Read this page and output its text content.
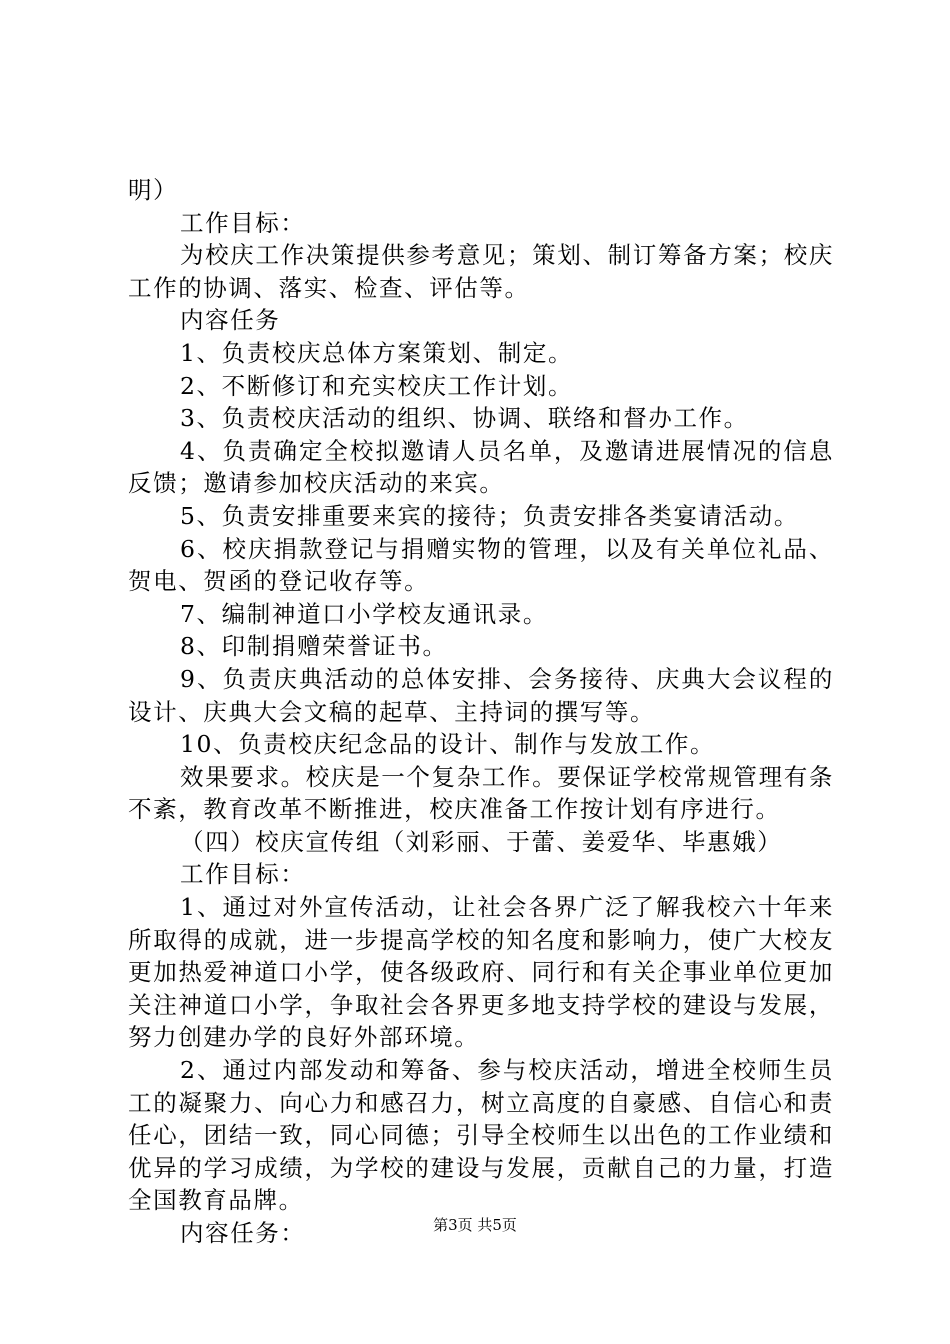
明）

工作目标：

为校庆工作决策提供参考意见；策划、制订筹备方案；校庆工作的协调、落实、检查、评估等。

内容任务

1、负责校庆总体方案策划、制定。

2、不断修订和充实校庆工作计划。

3、负责校庆活动的组织、协调、联络和督办工作。

4、负责确定全校拟邀请人员名单，及邀请进展情况的信息反馈；邀请参加校庆活动的来宾。

5、负责安排重要来宾的接待；负责安排各类宴请活动。

6、校庆捐款登记与捐赠实物的管理，以及有关单位礼品、贺电、贺函的登记收存等。

7、编制神道口小学校友通讯录。

8、印制捐赠荣誉证书。

9、负责庆典活动的总体安排、会务接待、庆典大会议程的设计、庆典大会文稿的起草、主持词的撰写等。

10、负责校庆纪念品的设计、制作与发放工作。

效果要求。校庆是一个复杂工作。要保证学校常规管理有条不紊，教育改革不断推进，校庆准备工作按计划有序进行。

（四）校庆宣传组（刘彩丽、于蕾、姜爱华、毕惠娥）

工作目标：

1、通过对外宣传活动，让社会各界广泛了解我校六十年来所取得的成就，进一步提高学校的知名度和影响力，使广大校友更加热爱神道口小学，使各级政府、同行和有关企事业单位更加关注神道口小学，争取社会各界更多地支持学校的建设与发展，努力创建办学的良好外部环境。

2、通过内部发动和筹备、参与校庆活动，增进全校师生员工的凝聚力、向心力和感召力，树立高度的自豪感、自信心和责任心，团结一致，同心同德；引导全校师生以出色的工作业绩和优异的学习成绩，为学校的建设与发展，贡献自己的力量，打造全国教育品牌。

内容任务：	第3页 共5页
